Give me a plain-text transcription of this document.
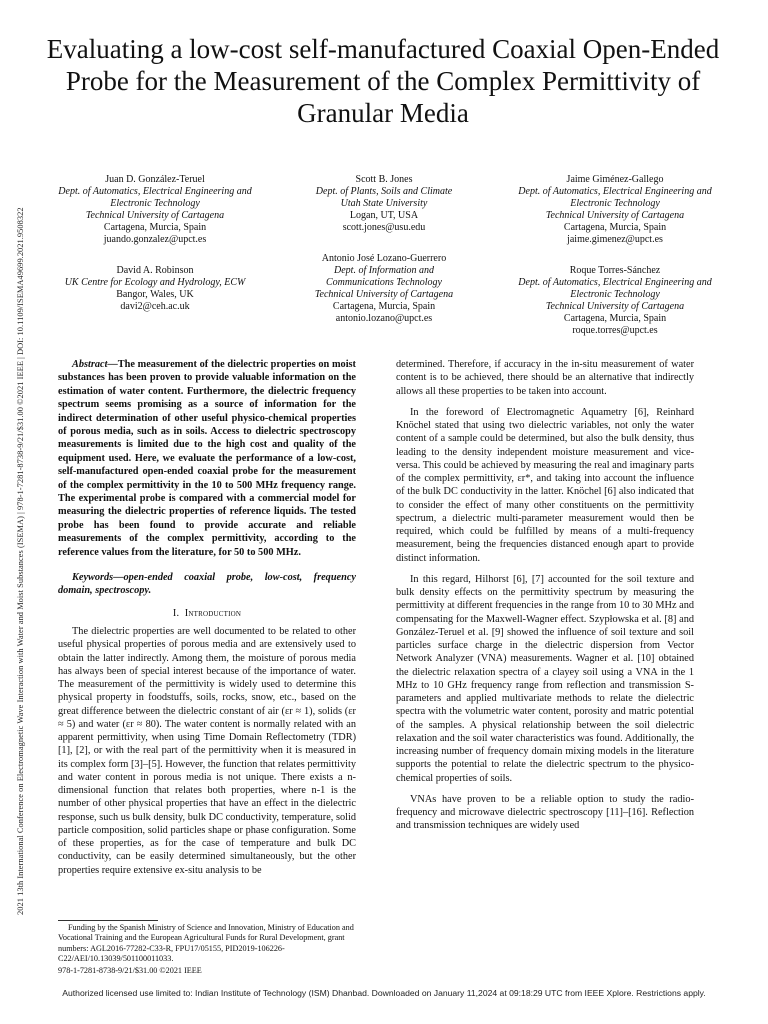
2021 13th International Conference on Electromagnetic Wave Interaction with Water and Moist Substances (ISEMA) | 978-1-7281-8738-9/21/$31.00 ©2021 IEEE | DOI: 10.1109/ISEMA49699.2021.9508322
Evaluating a low-cost self-manufactured Coaxial Open-Ended Probe for the Measurement of the Complex Permittivity of Granular Media
Juan D. González-Teruel
Dept. of Automatics, Electrical Engineering and Electronic Technology
Technical University of Cartagena
Cartagena, Murcia, Spain
juando.gonzalez@upct.es
Scott B. Jones
Dept. of Plants, Soils and Climate
Utah State University
Logan, UT, USA
scott.jones@usu.edu
Jaime Giménez-Gallego
Dept. of Automatics, Electrical Engineering and Electronic Technology
Technical University of Cartagena
Cartagena, Murcia, Spain
jaime.gimenez@upct.es
David A. Robinson
UK Centre for Ecology and Hydrology, ECW
Bangor, Wales, UK
davi2@ceh.ac.uk
Antonio José Lozano-Guerrero
Dept. of Information and Communications Technology
Technical University of Cartagena
Cartagena, Murcia, Spain
antonio.lozano@upct.es
Roque Torres-Sánchez
Dept. of Automatics, Electrical Engineering and Electronic Technology
Technical University of Cartagena
Cartagena, Murcia, Spain
roque.torres@upct.es

Abstract—The measurement of the dielectric properties on moist substances has been proven to provide valuable information on the estimation of water content. Furthermore, the dielectric frequency spectrum seems promising as a source of information for the indirect determination of other useful physico-chemical properties of porous media, such as in soils. Access to dielectric spectroscopy measurements is limited due to the high cost and quality of the equipment used. Here, we evaluate the performance of a low-cost, self-manufactured open-ended coaxial probe for the measurement of the complex permittivity in the 10 to 500 MHz frequency range. The experimental probe is compared with a commercial model for measuring the dielectric properties of reference liquids. The tested probe has been found to provide accurate and reliable measurements of the complex permittivity, according to the reference values from the literature, for 50 to 500 MHz.

Keywords—open-ended coaxial probe, low-cost, frequency domain, spectroscopy.

I. Introduction

The dielectric properties are well documented to be related to other useful physical properties of porous media and are extensively used to obtain the latter indirectly. Among them, the moisture of porous media has always been of special interest because of the importance of water. The measurement of the permittivity is widely used to determine this physical property in foodstuffs, soils, rocks, snow, etc., based on the great difference between the dielectric constant of air (εr ≈ 1), solids (εr ≈ 5) and water (εr ≈ 80). The water content is normally related with an apparent permittivity, when using Time Domain Reflectometry (TDR) [1], [2], or with the real part of the permittivity when it is measured in its complex form [3]–[5]. However, the function that relates permittivity and water content in porous media is not unique. There exists a n-dimensional function that relates both properties, where n-1 is the number of other physical properties that have an effect in the dielectric response, such us bulk density, bulk DC conductivity, temperature, solid particle composition, solid particles shape or phase configuration. Some of these properties, as for the case of temperature and bulk DC conductivity, can be easily determined simultaneously, but the other properties require extensive ex-situ analysis to be

determined. Therefore, if accuracy in the in-situ measurement of water content is to be achieved, there should be an alternative that indirectly allows all these properties to be taken into account.

In the foreword of Electromagnetic Aquametry [6], Reinhard Knöchel stated that using two dielectric variables, not only the water content of a sample could be determined, but also the bulk density, thus leading to the density independent moisture measurement and vice-versa. This could be achieved by measuring the real and imaginary parts of the complex permittivity, εr*, and taking into account the influence of the bulk DC conductivity in the latter. Knöchel [6] also indicated that to consider the effect of many other constituents on the permittivity spectrum, a dielectric multi-parameter measurement would then be required, which could be fulfilled by means of a multi-frequency measurement, being the frequencies distanced enough apart to provide distinct information.

In this regard, Hilhorst [6], [7] accounted for the soil texture and bulk density effects on the permittivity spectrum by measuring the permittivity at different frequencies in the range from 10 to 30 MHz and compensating for the Maxwell-Wagner effect. Szypłowska et al. [8] and González-Teruel et al. [9] showed the influence of soil texture and soil particles surface charge in the dielectric dispersion from Vector Network Analyzer (VNA) measurements. Wagner et al. [10] obtained the dielectric relaxation spectra of a clayey soil using a VNA in the 1 MHz to 10 GHz frequency range from reflection and transmission S-parameters and applied multivariate methods to relate the dielectric spectra with the volumetric water content, porosity and matric potential of the samples. A physical relationship between the soil dielectric relaxation and the soil water characteristics was found. Additionally, the increasing number of frequency domain mixing models in the literature supports the potential to relate the dielectric spectrum to the physico-chemical properties of soils.

VNAs have proven to be a reliable option to study the radio-frequency and microwave dielectric spectroscopy [11]–[16]. Reflection and transmission techniques are widely used

Funding by the Spanish Ministry of Science and Innovation, Ministry of Education and Vocational Training and the European Agricultural Funds for Rural Development, grant numbers: AGL2016-77282-C33-R, FPU17/05155, PID2019-106226-C22/AEI/10.13039/501100011033.
978-1-7281-8738-9/21/$31.00 ©2021 IEEE
Authorized licensed use limited to: Indian Institute of Technology (ISM) Dhanbad. Downloaded on January 11,2024 at 09:18:29 UTC from IEEE Xplore. Restrictions apply.
